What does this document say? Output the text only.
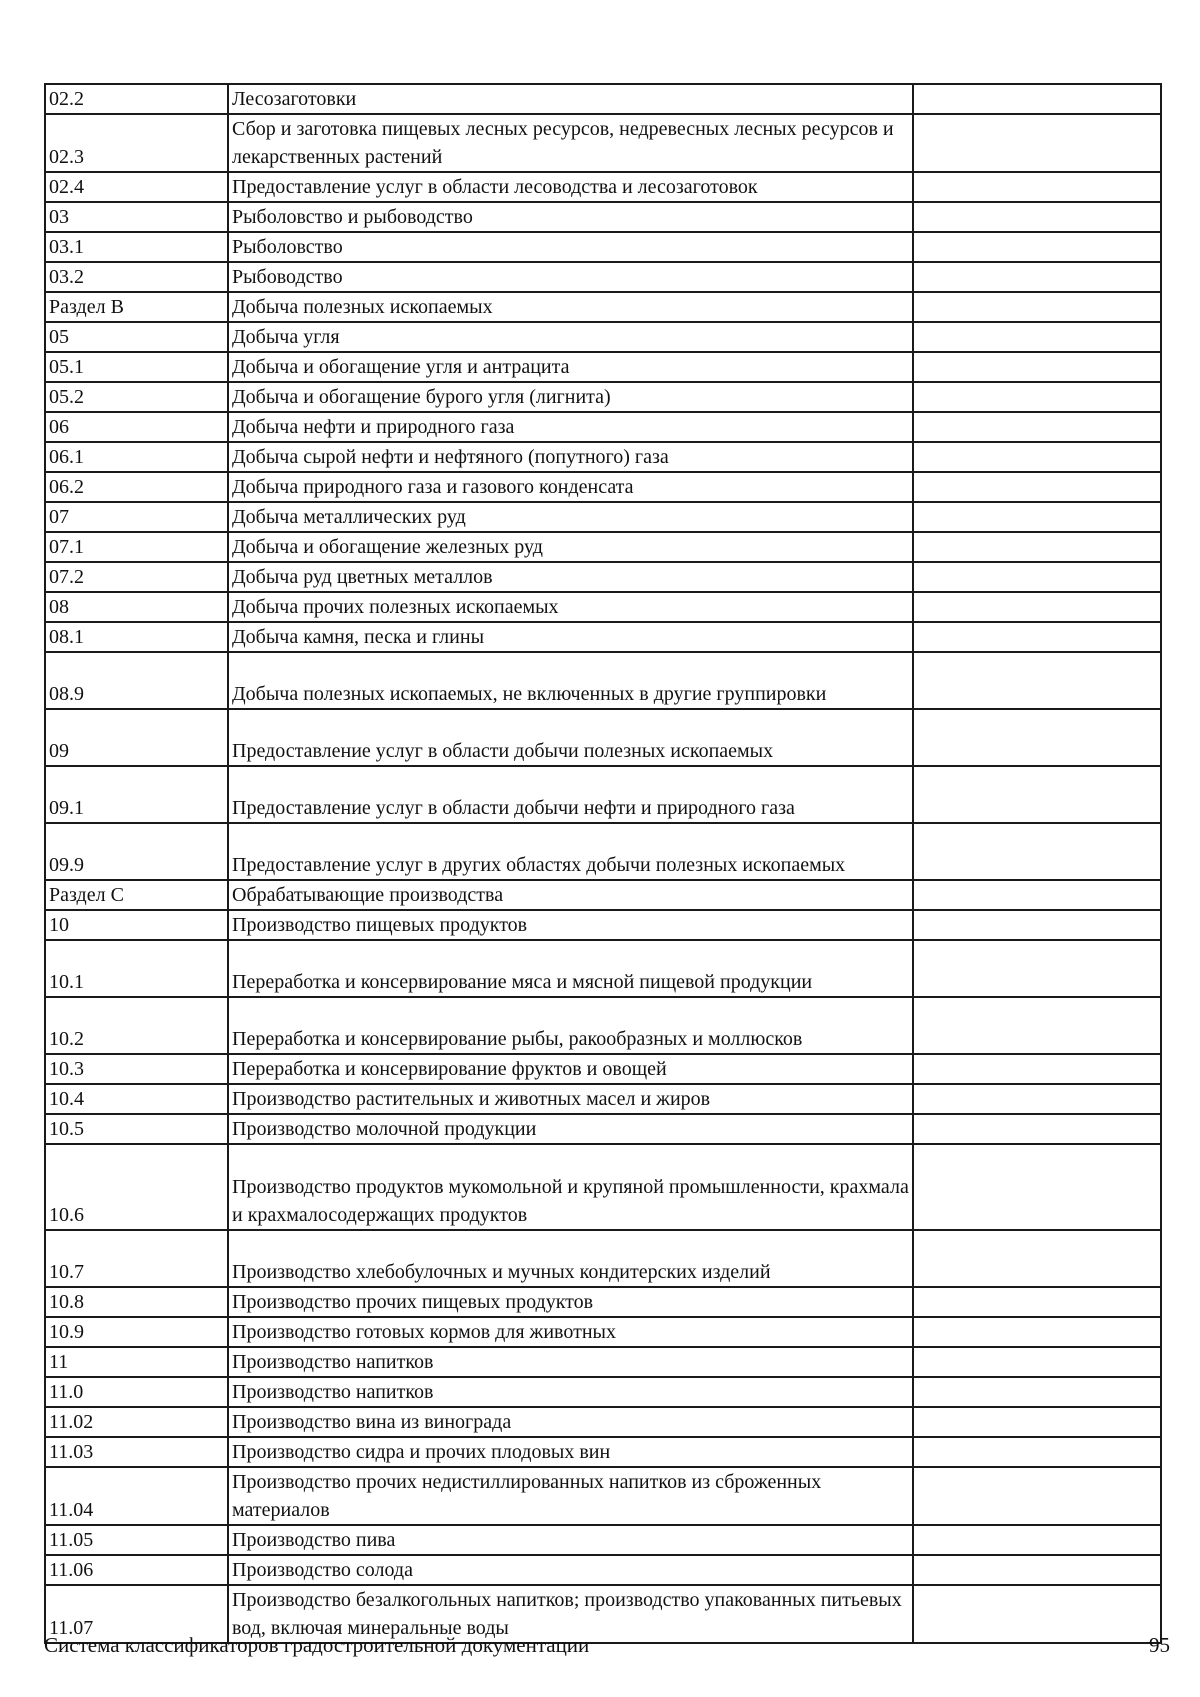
02.2	Лесозаготовки	
02.3	Сбор и заготовка пищевых лесных ресурсов, недревесных лесных ресурсов и лекарственных растений	
02.4	Предоставление услуг в области лесоводства и лесозаготовок	
03	Рыболовство и рыбоводство	
03.1	Рыболовство	
03.2	Рыбоводство	
Раздел B	Добыча полезных ископаемых	
05	Добыча угля	
05.1	Добыча и обогащение угля и антрацита	
05.2	Добыча и обогащение бурого угля (лигнита)	
06	Добыча нефти и природного газа	
06.1	Добыча сырой нефти и нефтяного (попутного) газа	
06.2	Добыча природного газа и газового конденсата	
07	Добыча металлических руд	
07.1	Добыча и обогащение железных руд	
07.2	Добыча руд цветных металлов	
08	Добыча прочих полезных ископаемых	
08.1	Добыча камня, песка и глины	
08.9	Добыча полезных ископаемых, не включенных в другие группировки	
09	Предоставление услуг в области добычи полезных ископаемых	
09.1	Предоставление услуг в области добычи нефти и природного газа	
09.9	Предоставление услуг в других областях добычи полезных ископаемых	
Раздел C	Обрабатывающие производства	
10	Производство пищевых продуктов	
10.1	Переработка и консервирование мяса и мясной пищевой продукции	
10.2	Переработка и консервирование рыбы, ракообразных и моллюсков	
10.3	Переработка и консервирование фруктов и овощей	
10.4	Производство растительных и животных масел и жиров	
10.5	Производство молочной продукции	
10.6	Производство продуктов мукомольной и крупяной промышленности, крахмала и крахмалосодержащих продуктов	
10.7	Производство хлебобулочных и мучных кондитерских изделий	
10.8	Производство прочих пищевых продуктов	
10.9	Производство готовых кормов для животных	
11	Производство напитков	
11.0	Производство напитков	
11.02	Производство вина из винограда	
11.03	Производство сидра и прочих плодовых вин	
11.04	Производство прочих недистиллированных напитков из сброженных материалов	
11.05	Производство пива	
11.06	Производство солода	
11.07	Производство безалкогольных напитков; производство упакованных питьевых вод, включая минеральные воды	
Система классификаторов градостроительной документации	95
